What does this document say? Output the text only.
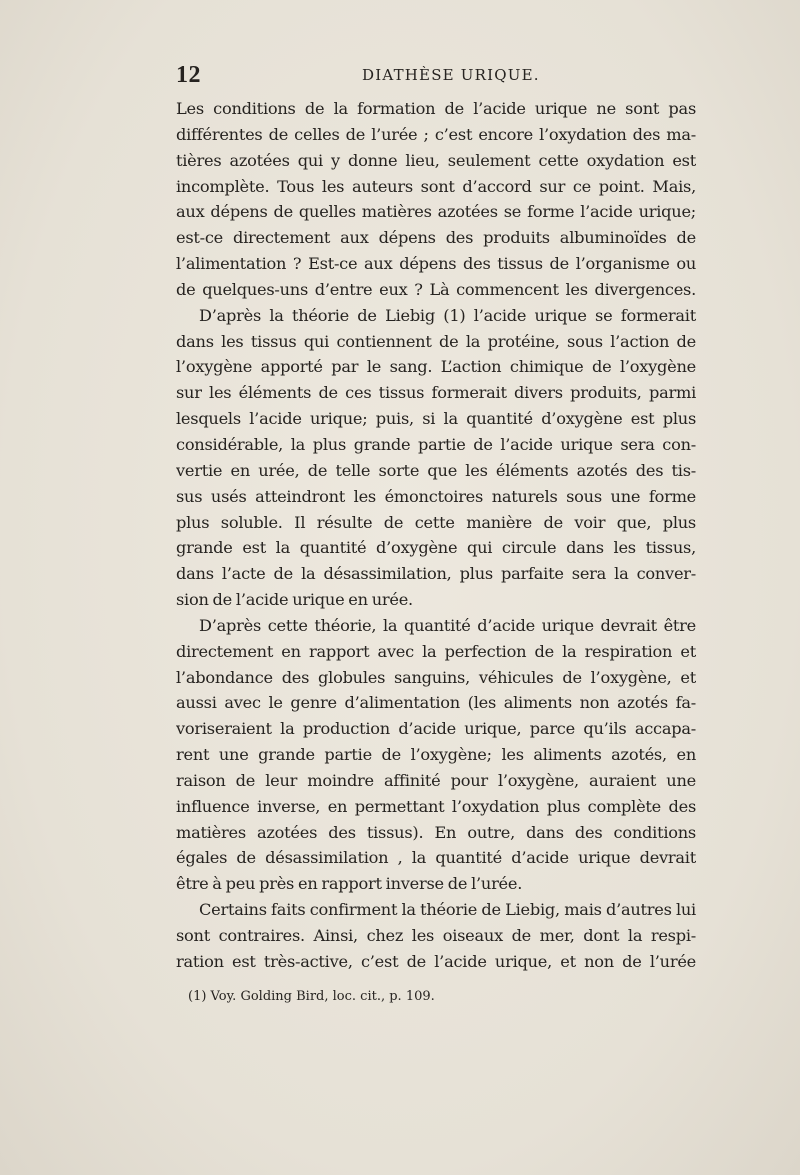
12	DIATHÈSE URIQUE.
Les conditions de la formation de l’acide urique ne sont pas
différentes de celles de l’urée ; c’est encore l’oxydation des ma-
tières azotées qui y donne lieu, seulement cette oxydation est
incomplète. Tous les auteurs sont d’accord sur ce point. Mais,
aux dépens de quelles matières azotées se forme l’acide urique;
est-ce directement aux dépens des produits albuminoïdes de
l’alimentation ? Est-ce aux dépens des tissus de l’organisme ou
de quelques-uns d’entre eux ? Là commencent les divergences.
D’après la théorie de Liebig (1) l’acide urique se formerait
dans les tissus qui contiennent de la protéine, sous l’action de
l’oxygène apporté par le sang. L’action chimique de l’oxygène
sur les éléments de ces tissus formerait divers produits, parmi
lesquels l’acide urique; puis, si la quantité d’oxygène est plus
considérable, la plus grande partie de l’acide urique sera con-
vertie en urée, de telle sorte que les éléments azotés des tis-
sus usés atteindront les émonctoires naturels sous une forme
plus soluble. Il résulte de cette manière de voir que, plus
grande est la quantité d’oxygène qui circule dans les tissus,
dans l’acte de la désassimilation, plus parfaite sera la conver-
sion de l’acide urique en urée.
D’après cette théorie, la quantité d’acide urique devrait être
directement en rapport avec la perfection de la respiration et
l’abondance des globules sanguins, véhicules de l’oxygène, et
aussi avec le genre d’alimentation (les aliments non azotés fa-
voriseraient la production d’acide urique, parce qu’ils accapa-
rent une grande partie de l’oxygène; les aliments azotés, en
raison de leur moindre affinité pour l’oxygène, auraient une
influence inverse, en permettant l’oxydation plus complète des
matières azotées des tissus). En outre, dans des conditions
égales de désassimilation , la quantité d’acide urique devrait
être à peu près en rapport inverse de l’urée.
Certains faits confirment la théorie de Liebig, mais d’autres lui
sont contraires. Ainsi, chez les oiseaux de mer, dont la respi-
ration est très-active, c’est de l’acide urique, et non de l’urée
(1) Voy. Golding Bird, loc. cit., p. 109.
